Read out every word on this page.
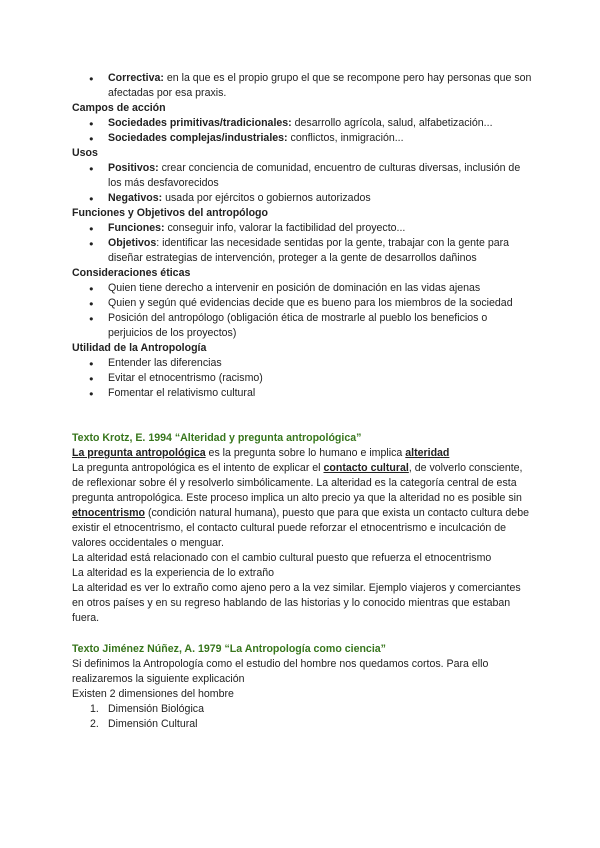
● Correctiva: en la que es el propio grupo el que se recompone pero hay personas que son afectadas por esa praxis.
Campos de acción
● Sociedades primitivas/tradicionales: desarrollo agrícola, salud, alfabetización...
● Sociedades complejas/industriales: conflictos, inmigración...
Usos
● Positivos: crear conciencia de comunidad, encuentro de culturas diversas, inclusión de los más desfavorecidos
● Negativos: usada por ejércitos o gobiernos autorizados
Funciones y Objetivos del antropólogo
● Funciones: conseguir info, valorar la factibilidad del proyecto...
● Objetivos: identificar las necesidade sentidas por la gente, trabajar con la gente para diseñar estrategias de intervención, proteger a la gente de desarrollos dañinos
Consideraciones éticas
● Quien tiene derecho a intervenir en posición de dominación en las vidas ajenas
● Quien y según qué evidencias decide que es bueno para los miembros de la sociedad
● Posición del antropólogo (obligación ética de mostrarle al pueblo los beneficios o perjuicios de los proyectos)
Utilidad de la Antropología
● Entender las diferencias
● Evitar el etnocentrismo (racismo)
● Fomentar el relativismo cultural
Texto Krotz, E. 1994 “Alteridad y pregunta antropológica”
La pregunta antropológica es la pregunta sobre lo humano e implica alteridad
La pregunta antropológica es el intento de explicar el contacto cultural, de volverlo consciente, de reflexionar sobre él y resolverlo simbólicamente. La alteridad es la categoría central de esta pregunta antropológica. Este proceso implica un alto precio ya que la alteridad no es posible sin etnocentrismo (condición natural humana), puesto que para que exista un contacto cultura debe existir el etnocentrismo, el contacto cultural puede reforzar el etnocentrismo e inculcación de valores occidentales o menguar.
La alteridad está relacionado con el cambio cultural puesto que refuerza el etnocentrismo
La alteridad es la experiencia de lo extraño
La alteridad es ver lo extraño como ajeno pero a la vez similar. Ejemplo viajeros y comerciantes en otros países y en su regreso hablando de las historias y lo conocido mientras que estaban fuera.
Texto Jiménez Núñez, A. 1979 “La Antropología como ciencia”
Si definimos la Antropología como el estudio del hombre nos quedamos cortos. Para ello realizaremos la siguiente explicación
Existen 2 dimensiones del hombre
1. Dimensión Biológica
2. Dimensión Cultural
